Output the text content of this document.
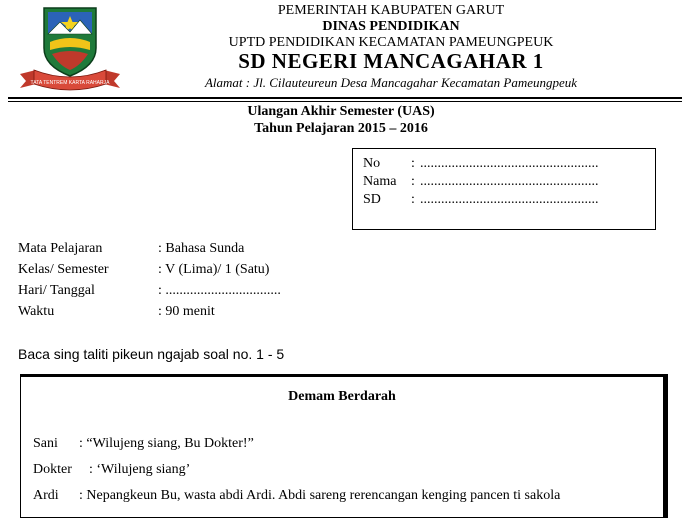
TATA TENTREM KARTA RAHARJA
PEMERINTAH KABUPATEN GARUT
DINAS PENDIDIKAN
UPTD PENDIDIKAN KECAMATAN PAMEUNGPEUK
SD NEGERI MANCAGAHAR 1
Alamat : Jl. Cilauteureun Desa Mancagahar Kecamatan Pameungpeuk
Ulangan Akhir Semester (UAS)
Tahun Pelajaran 2015 – 2016
No	: ...................................................
Nama	: ...................................................
SD	: ...................................................
Mata Pelajaran	: Bahasa Sunda
Kelas/ Semester	: V (Lima)/ 1 (Satu)
Hari/ Tanggal	: .................................
Waktu	: 90 menit
Baca sing taliti pikeun ngajab soal no. 1 - 5
Demam Berdarah
Sani : “Wilujeng siang, Bu Dokter!”
Dokter : ‘Wilujeng siang’
Ardi : Nepangkeun Bu, wasta abdi Ardi. Abdi sareng rerencangan kenging pancen ti sakola
